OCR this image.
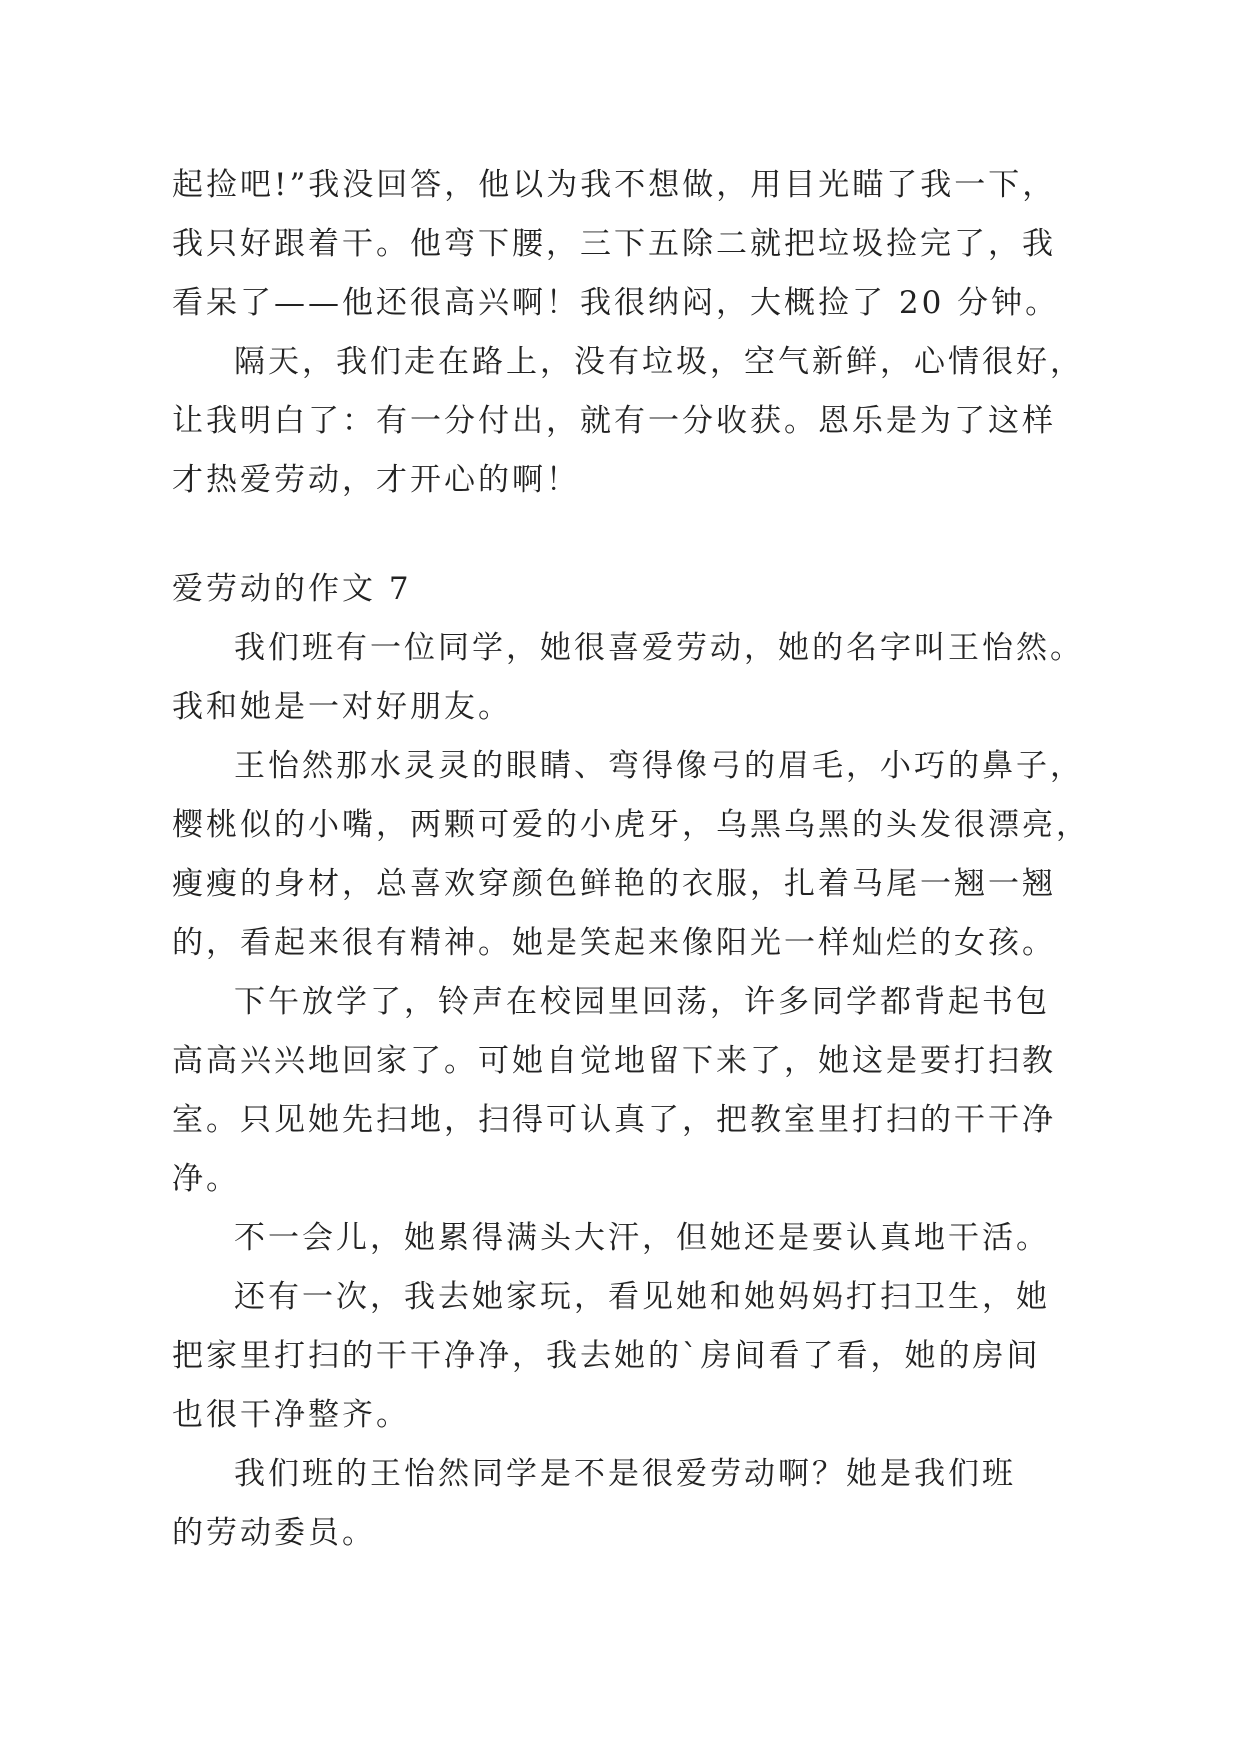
起捡吧!”我没回答，他以为我不想做，用目光瞄了我一下，
我只好跟着干。他弯下腰，三下五除二就把垃圾捡完了，我
看呆了——他还很高兴啊！我很纳闷，大概捡了 20 分钟。
隔天，我们走在路上，没有垃圾，空气新鲜，心情很好，
让我明白了：有一分付出，就有一分收获。恩乐是为了这样
才热爱劳动，才开心的啊！
爱劳动的作文 7
我们班有一位同学，她很喜爱劳动，她的名字叫王怡然。
我和她是一对好朋友。
王怡然那水灵灵的眼睛、弯得像弓的眉毛，小巧的鼻子，
樱桃似的小嘴，两颗可爱的小虎牙，乌黑乌黑的头发很漂亮，
瘦瘦的身材，总喜欢穿颜色鲜艳的衣服，扎着马尾一翘一翘
的，看起来很有精神。她是笑起来像阳光一样灿烂的女孩。
下午放学了，铃声在校园里回荡，许多同学都背起书包
高高兴兴地回家了。可她自觉地留下来了，她这是要打扫教
室。只见她先扫地，扫得可认真了，把教室里打扫的干干净
净。
不一会儿，她累得满头大汗，但她还是要认真地干活。
还有一次，我去她家玩，看见她和她妈妈打扫卫生，她
把家里打扫的干干净净，我去她的`房间看了看，她的房间
也很干净整齐。
我们班的王怡然同学是不是很爱劳动啊？她是我们班
的劳动委员。
